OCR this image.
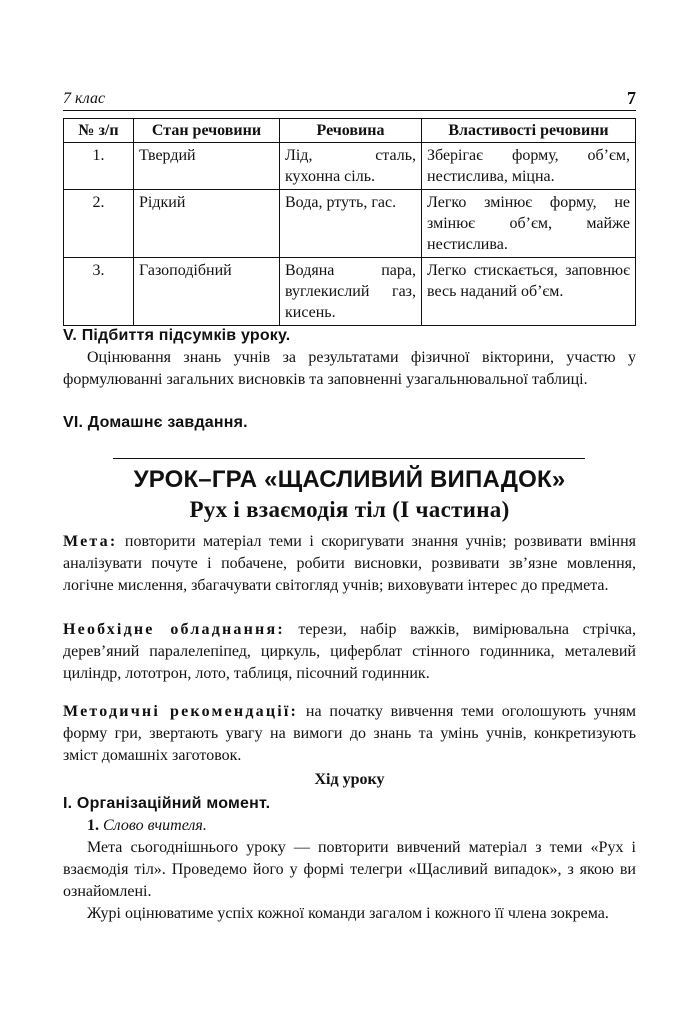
7 клас	7
№ з/п	Стан речовини	Речовина	Властивості речовини
1.	Твердий	Лід, сталь, кухонна сіль.	Зберігає форму, об’єм, нестислива, міцна.
2.	Рідкий	Вода, ртуть, гас.	Легко змінює форму, не змінює об’єм, майже нестислива.
3.	Газоподібний	Водяна пара, вуглекислий газ, кисень.	Легко стискається, заповнює весь наданий об’єм.
V. Підбиття підсумків уроку.

Оцінювання знань учнів за результатами фізичної вікторини, участю у формулюванні загальних висновків та заповненні узагальнювальної таблиці.

VI. Домашнє завдання.
УРОК–ГРА «ЩАСЛИВИЙ ВИПАДОК»
Рух і взаємодія тіл (I частина)
Мета: повторити матеріал теми і скоригувати знання учнів; розвивати вміння аналізувати почуте і побачене, робити висновки, розвивати зв’язне мовлення, логічне мислення, збагачувати світогляд учнів; виховувати інтерес до предмета.
Необхідне обладнання: терези, набір важків, вимірювальна стрічка, дерев’яний паралелепіпед, циркуль, циферблат стінного годинника, металевий циліндр, лототрон, лото, таблиця, пісочний годинник.
Методичні рекомендації: на початку вивчення теми оголошують учням форму гри, звертають увагу на вимоги до знань та умінь учнів, конкретизують зміст домашніх заготовок.
Хід уроку
I. Організаційний момент.

1. Слово вчителя.

Мета сьогоднішнього уроку — повторити вивчений матеріал з теми «Рух і взаємодія тіл». Проведемо його у формі телегри «Щасливий випадок», з якою ви ознайомлені.

Журі оцінюватиме успіх кожної команди загалом і кожного її члена зокрема.
